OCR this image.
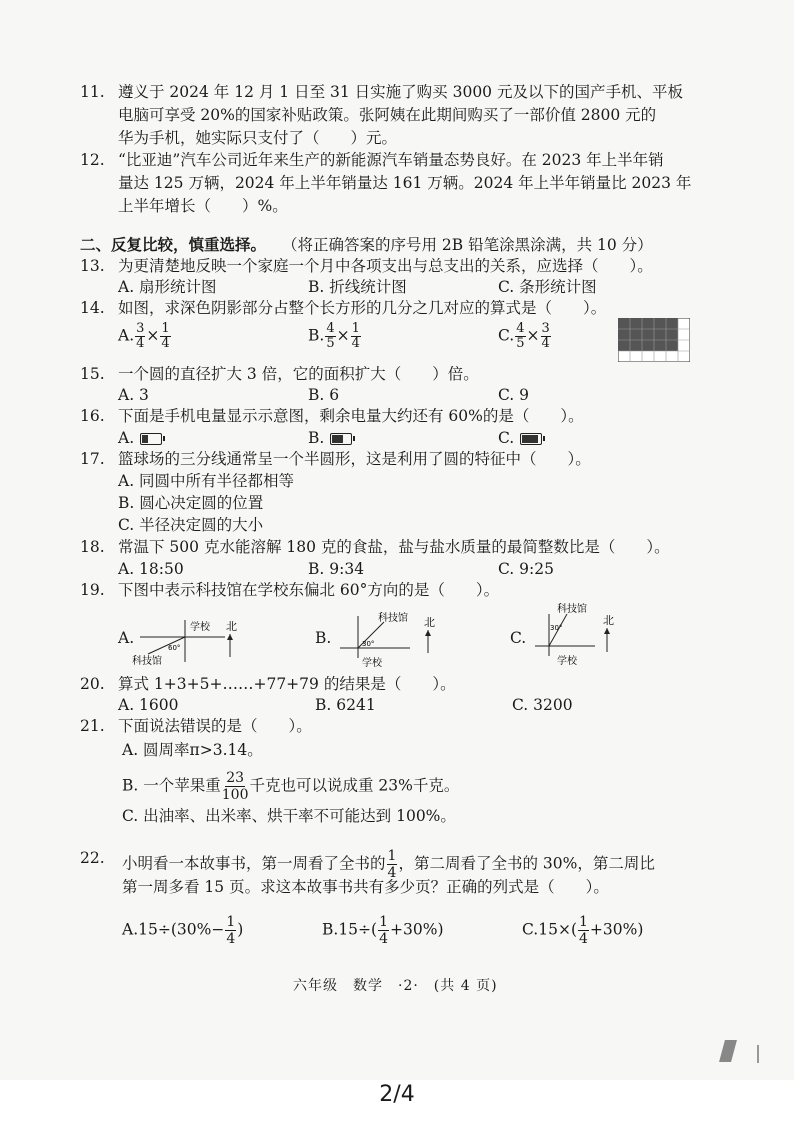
11. 遵义于 2024 年 12 月 1 日至 31 日实施了购买 3000 元及以下的国产手机、平板
电脑可享受 20%的国家补贴政策。张阿姨在此期间购买了一部价值 2800 元的
华为手机，她实际只支付了（　　）元。
12. “比亚迪”汽车公司近年来生产的新能源汽车销量态势良好。在 2023 年上半年销
量达 125 万辆，2024 年上半年销量达 161 万辆。2024 年上半年销量比 2023 年
上半年增长（　　）%。
二、反复比较，慎重选择。 （将正确答案的序号用 2B 铅笔涂黑涂满，共 10 分）
13. 为更清楚地反映一个家庭一个月中各项支出与总支出的关系，应选择（　　）。
A. 扇形统计图	B. 折线统计图	C. 条形统计图
14. 如图，求深色阴影部分占整个长方形的几分之几对应的算式是（　　）。
A. $\frac{3}{4} \times \frac{1}{4}$	B. $\frac{4}{5} \times \frac{1}{4}$	C. $\frac{4}{5} \times \frac{3}{4}$
15. 一个圆的直径扩大 3 倍，它的面积扩大（　　）倍。
A. 3	B. 6	C. 9
16. 下面是手机电量显示示意图，剩余电量大约还有 60%的是（　　）。
A.	B.	C.
17. 篮球场的三分线通常呈一个半圆形，这是利用了圆的特征中（　　）。
A. 同圆中所有半径都相等
B. 圆心决定圆的位置
C. 半径决定圆的大小
18. 常温下 500 克水能溶解 180 克的食盐，盐与盐水质量的最简整数比是（　　）。
A. 18:50	B. 9:34	C. 9:25
19. 下图中表示科技馆在学校东偏北 60°方向的是（　　）。
A.
学校
科技馆
60°
北
B.
科技馆
30°
学校
北
C.
科技馆
30°
学校
北
20. 算式 1+3+5+……+77+79 的结果是（　　）。
A. 1600	B. 6241	C. 3200
21. 下面说法错误的是（　　）。
A. 圆周率π>3.14。
B. 一个苹果重 $\frac{23}{100}$ 千克也可以说成重 23%千克。
C. 出油率、出米率、烘干率不可能达到 100%。
22. 小明看一本故事书，第一周看了全书的 $\frac{1}{4}$ ，第二周看了全书的 30%，第二周比
第一周多看 15 页。求这本故事书共有多少页？正确的列式是（　　）。
$A.15\div(30\%- \frac{1}{4}$ )	$B.15\div( \frac{1}{4} +30\%)$	$C.15\times( \frac{1}{4} +30\%)$
六年级　数学　·2·　(共 4 页)
2/4
